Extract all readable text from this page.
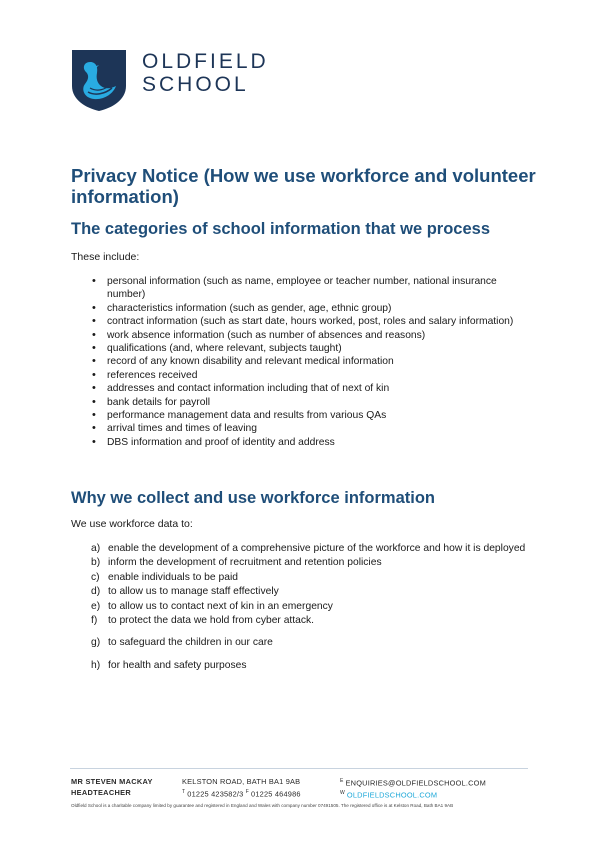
OLDFIELD
SCHOOL
Privacy Notice (How we use workforce and volunteer information)
The categories of school information that we process

These include:

• personal information (such as name, employee or teacher number, national insurance number)
• characteristics information (such as gender, age, ethnic group)
• contract information (such as start date, hours worked, post, roles and salary information)
• work absence information (such as number of absences and reasons)
• qualifications (and, where relevant, subjects taught)
• record of any known disability and relevant medical information
• references received
• addresses and contact information including that of next of kin
• bank details for payroll
• performance management data and results from various QAs
• arrival times and times of leaving
• DBS information and proof of identity and address
Why we collect and use workforce information

We use workforce data to:

a) enable the development of a comprehensive picture of the workforce and how it is deployed
b) inform the development of recruitment and retention policies
c) enable individuals to be paid
d) to allow us to manage staff effectively
e) to allow us to contact next of kin in an emergency
f)	to protect the data we hold from cyber attack.
g) to safeguard the children in our care
h) for health and safety purposes
MR STEVEN MACKAY
HEADTEACHER
KELSTON ROAD, BATH BA1 9AB
$^T$ 01225 423582/3 $^F$ 01225 464986
$^E$ ENQUIRIES@OLDFIELDSCHOOL.COM
$^W$ OLDFIELDSCHOOL.COM
Oldfield School is a charitable company limited by guarantee and registered in England and Wales with company number 07491505. The registered office is at Kelston Road, Bath BA1 9AB
